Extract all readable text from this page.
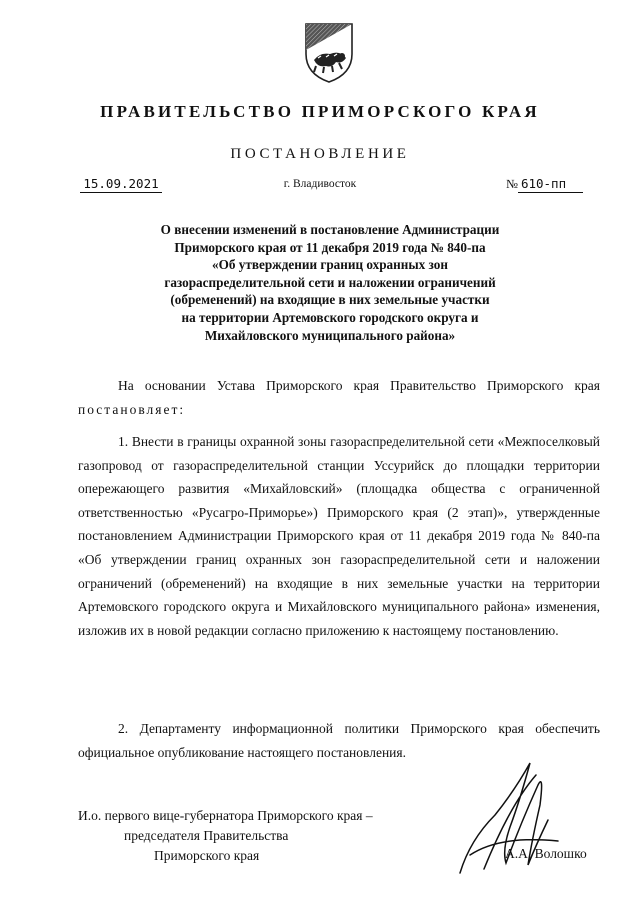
ПРАВИТЕЛЬСТВО ПРИМОРСКОГО КРАЯ
ПОСТАНОВЛЕНИЕ
15.09.2021	г. Владивосток	№ 610-пп
О внесении изменений в постановление Администрации
Приморского края от 11 декабря 2019 года № 840-па
«Об утверждении границ охранных зон
газораспределительной сети и наложении ограничений
(обременений) на входящие в них земельные участки
на территории Артемовского городского округа и
Михайловского муниципального района»

На основании Устава Приморского края Правительство Приморского края постановляет:

1. Внести в границы охранной зоны газораспределительной сети «Межпоселковый газопровод от газораспределительной станции Уссурийск до площадки территории опережающего развития «Михайловский» (площадка общества с ограниченной ответственностью «Русагро-Приморье») Приморского края (2 этап)», утвержденные постановлением Администрации Приморского края от 11 декабря 2019 года № 840-па «Об утверждении границ охранных зон газораспределительной сети и наложении ограничений (обременений) на входящие в них земельные участки на территории Артемовского городского округа и Михайловского муниципального района» изменения, изложив их в новой редакции согласно приложению к настоящему постановлению.

2. Департаменту информационной политики Приморского края обеспечить официальное опубликование настоящего постановления.

И.о. первого вице-губернатора Приморского края –
председателя Правительства
Приморского края	А.А. Волошко
